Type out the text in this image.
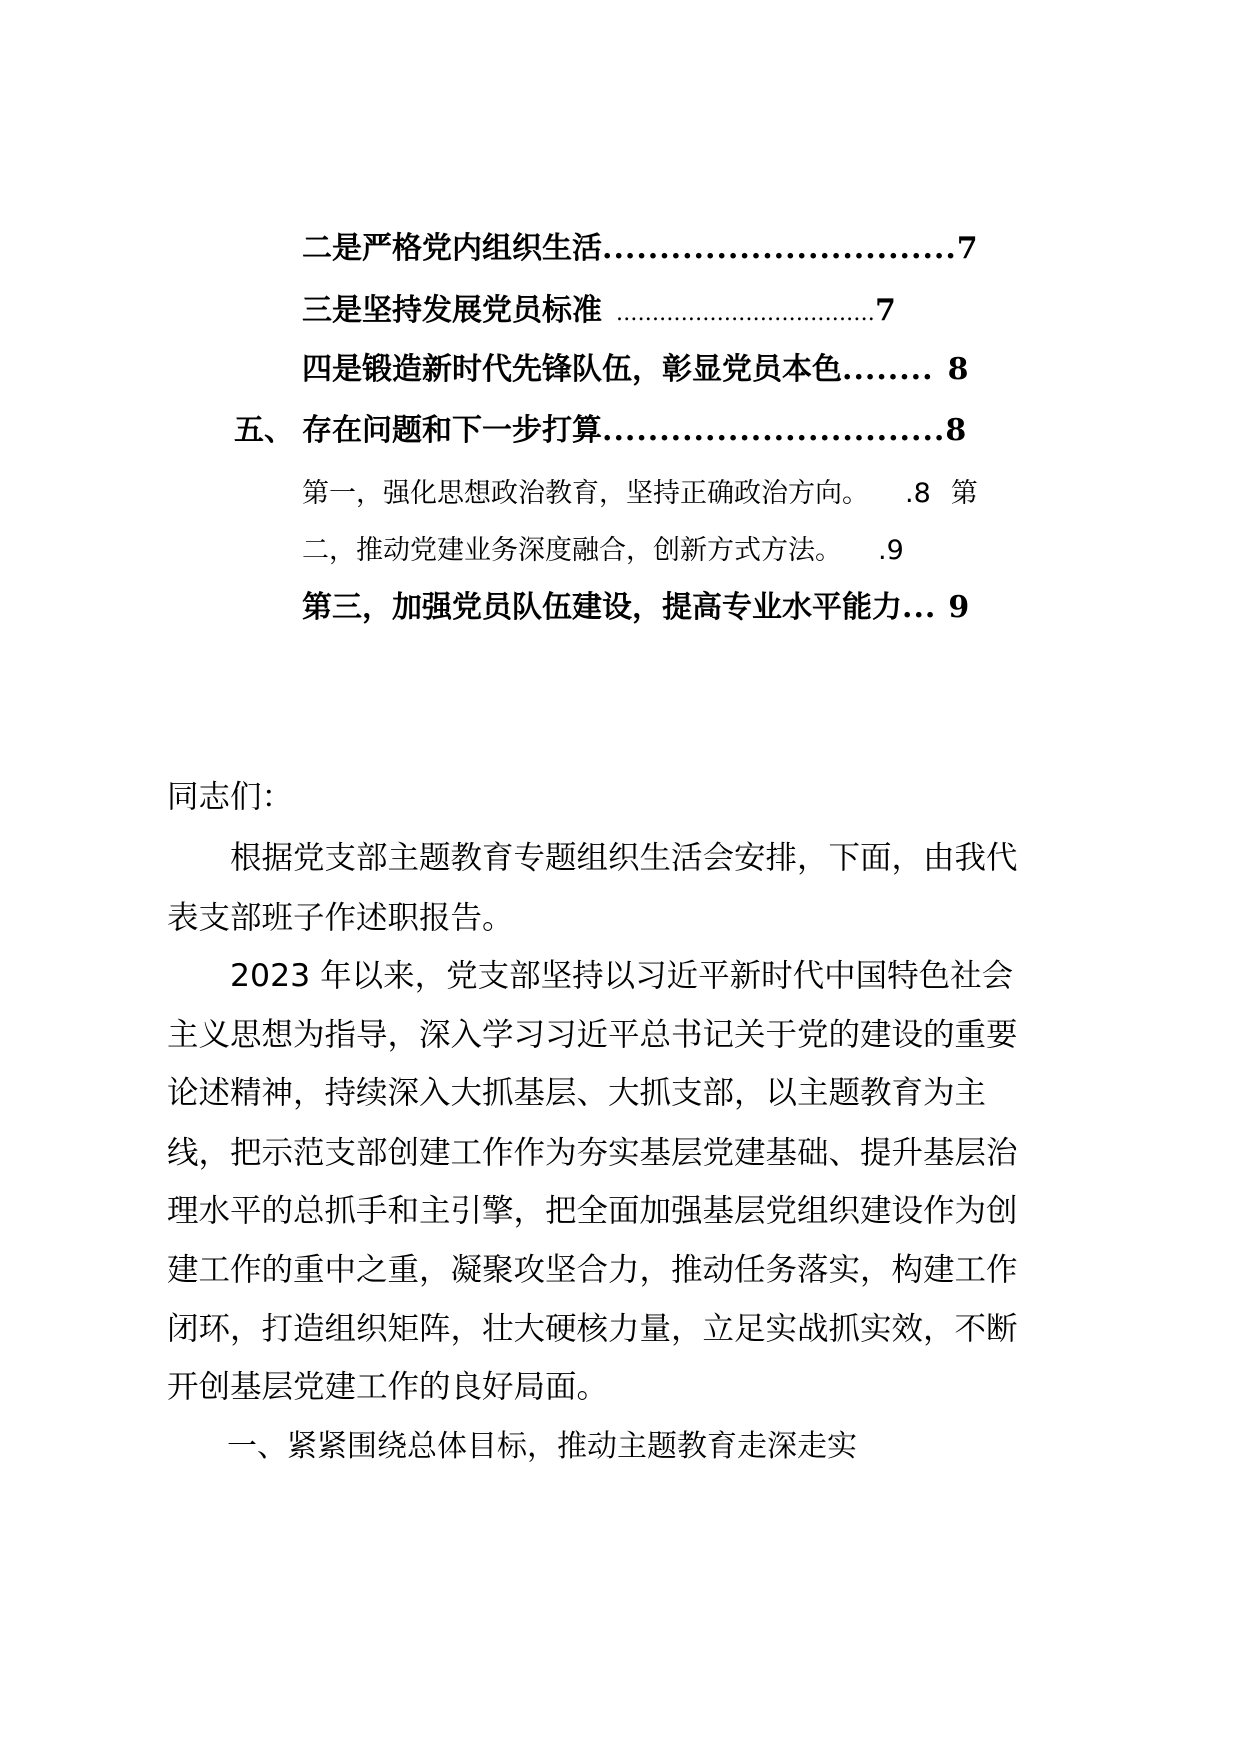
二是严格党内组织生活...............................7
三是坚持发展党员标准 ....................................7
四是锻造新时代先锋队伍，彰显党员本色........ 8
五、 存在问题和下一步打算..............................8
第一，强化思想政治教育，坚持正确政治方向。 .8 第
二，推动党建业务深度融合，创新方式方法。 .9
第三，加强党员队伍建设，提高专业水平能力... 9
同志们：
　　根据党支部主题教育专题组织生活会安排，下面，由我代
表支部班子作述职报告。
　　2023 年以来，党支部坚持以习近平新时代中国特色社会
主义思想为指导，深入学习习近平总书记关于党的建设的重要
论述精神，持续深入大抓基层、大抓支部，以主题教育为主
线，把示范支部创建工作作为夯实基层党建基础、提升基层治
理水平的总抓手和主引擎，把全面加强基层党组织建设作为创
建工作的重中之重，凝聚攻坚合力，推动任务落实，构建工作
闭环，打造组织矩阵，壮大硬核力量，立足实战抓实效，不断
开创基层党建工作的良好局面。
　　一、紧紧围绕总体目标，推动主题教育走深走实
